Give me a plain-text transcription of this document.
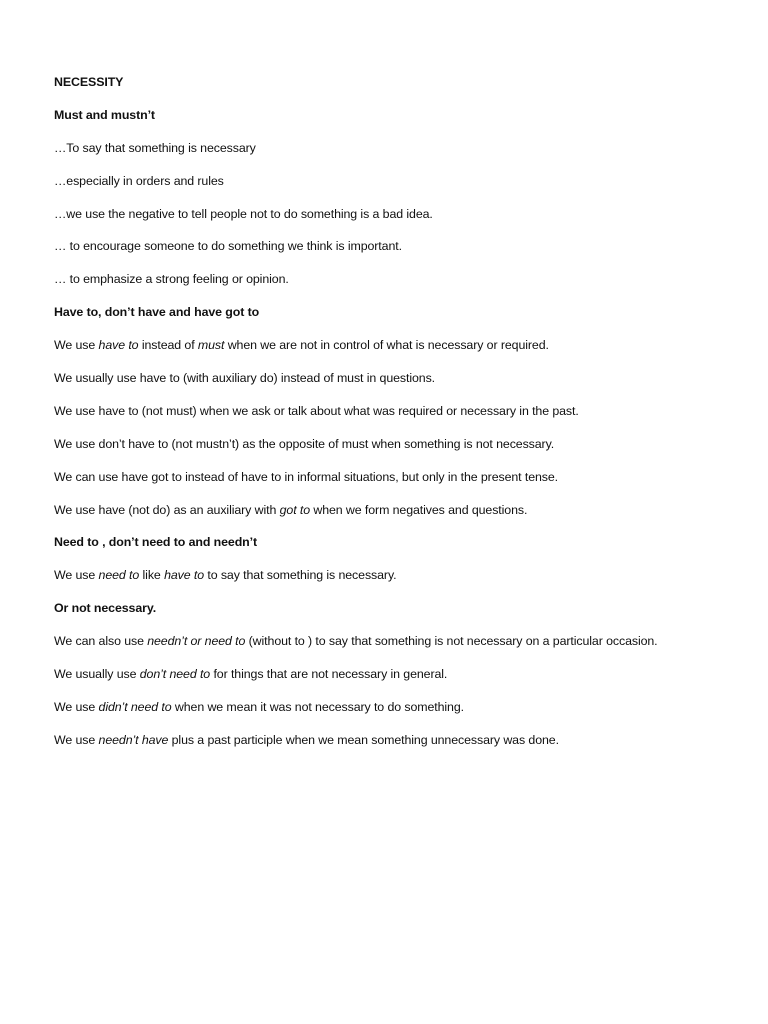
NECESSITY
Must and mustn’t
…To say that something is necessary
…especially in orders and rules
…we use the negative to tell people not to do something is a bad idea.
… to encourage someone to do something we think is important.
… to emphasize a strong feeling or opinion.
Have to, don’t have and have got to
We use have to instead of must when we are not in control of what is necessary or required.
We usually use have to (with auxiliary do) instead of must in questions.
We use have to (not must) when we ask or talk about what was required or necessary in the past.
We use don’t have to (not mustn’t) as the opposite of must when something is not necessary.
We can use have got to instead of have to in informal situations, but only in the present tense.
We use have (not do) as an auxiliary with got to when we form negatives and questions.
Need to , don’t need to and needn’t
We use need to like have to to say that something is necessary.
Or not necessary.
We can also use needn’t or need to (without to ) to say that something is not necessary on a particular occasion.
We usually use don’t need to for things that are not necessary in general.
We use didn’t need to when we mean it was not necessary to do something.
We use needn’t have plus a past participle when we mean something unnecessary was done.
